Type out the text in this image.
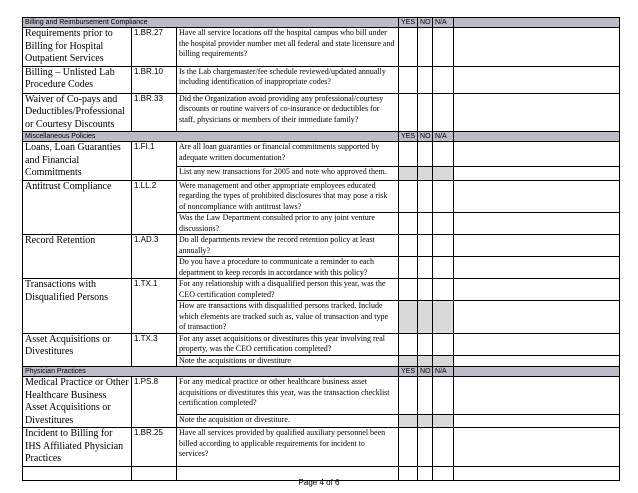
Billing and Reimbursement Compliance			YES	NO	N/A	
Requirements prior to Billing for Hospital Outpatient Services	1.BR.27	Have all service locations off the hospital campus who bill under the hospital provider number met all federal and state licensure and billing requirements?				
Billing – Unlisted Lab Procedure Codes	1.BR.10	Is the Lab chargemaster/fee schedule reviewed/updated annually including identification of inappropriate codes?				
Waiver of Co-pays and Deductibles/Professional or Courtesy Discounts	1.BR.33	Did the Organization avoid providing any professional/courtesy discounts or routine waivers of co-insurance or deductibles for staff, physicians or members of their immediate family?				
Miscellaneous Policies			YES	NO	N/A	
Loans, Loan Guaranties and Financial Commitments	1.FI.1	Are all loan guaranties or financial commitments supported by adequate written documentation?				
		List any new transactions for 2005 and note who approved them.				
Antitrust Compliance	1.LL.2	Were management and other appropriate employees educated regarding the types of prohibited disclosures that may pose a risk of noncompliance with antitrust laws?				
		Was the Law Department consulted prior to any joint venture discussions?				
Record Retention	1.AD.3	Do all departments review the record retention policy at least annually?				
		Do you have a procedure to communicate a reminder to each department to keep records in accordance with this policy?				
Transactions with Disqualified Persons	1.TX.1	For any relationship with a disqualified person this year, was the CEO certification completed?				
		How are transactions with disqualified persons tracked. Include which elements are tracked such as, value of transaction and type of transaction?				
Asset Acquisitions or Divestitures	1.TX.3	For any asset acquisitions or divestitures this year involving real property, was the CEO certification completed?				
		Note the acquisitions or divestiture				
Physician Practices			YES	NO	N/A	
Medical Practice or Other Healthcare Business Asset Acquisitions or Divestitures	1.PS.8	For any medical practice or other healthcare business asset acquisitions or divestitures this year, was the transaction checklist certification completed?				
		Note the acquisition or divestiture.				
Incident to Billing for IHS Affiliated Physician Practices	1.BR.25	Have all services provided by qualified auxiliary personnel been billed according to applicable requirements for incident to services?				

Page 4 of 6
